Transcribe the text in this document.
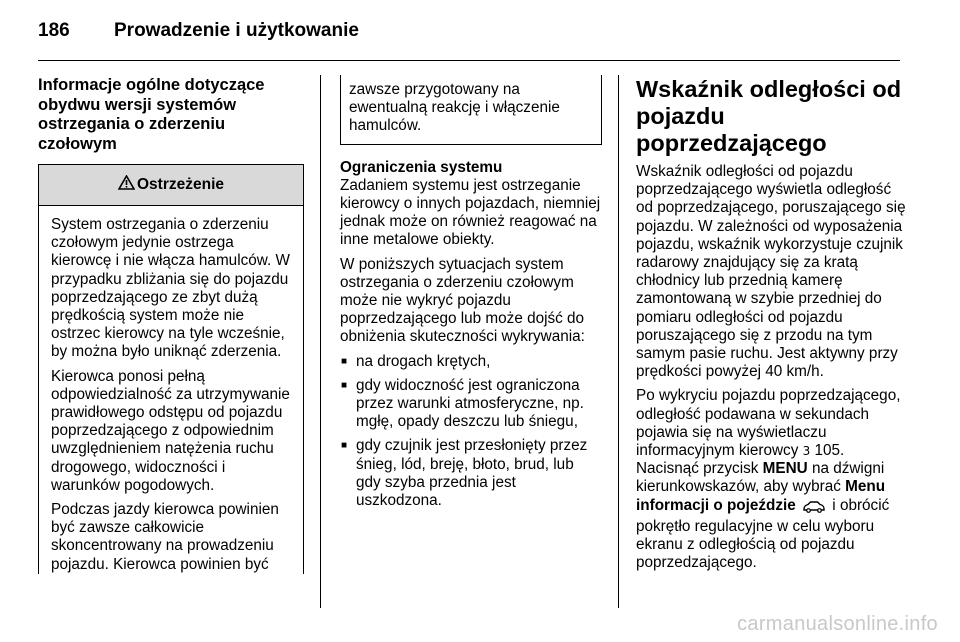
186 Prowadzenie i użytkowanie
Informacje ogólne dotyczące obydwu wersji systemów ostrzegania o zderzeniu czołowym
Ostrzeżenie

System ostrzegania o zderzeniu czołowym jedynie ostrzega kierowcę i nie włącza hamulców. W przypadku zbliżania się do pojazdu poprzedzającego ze zbyt dużą prędkością system może nie ostrzec kierowcy na tyle wcześnie, by można było uniknąć zderzenia.

Kierowca ponosi pełną odpowiedzialność za utrzymywanie prawidłowego odstępu od pojazdu poprzedzającego z odpowiednim uwzględnieniem natężenia ruchu drogowego, widoczności i warunków pogodowych.

Podczas jazdy kierowca powinien być zawsze całkowicie skoncentrowany na prowadzeniu pojazdu. Kierowca powinien być

zawsze przygotowany na ewentualną reakcję i włączenie hamulców.
Ograniczenia systemu

Zadaniem systemu jest ostrzeganie kierowcy o innych pojazdach, niemniej jednak może on również reagować na inne metalowe obiekty.

W poniższych sytuacjach system ostrzegania o zderzeniu czołowym może nie wykryć pojazdu poprzedzającego lub może dojść do obniżenia skuteczności wykrywania:

■ na drogach krętych,
■ gdy widoczność jest ograniczona przez warunki atmosferyczne, np. mgłę, opady deszczu lub śniegu,
■ gdy czujnik jest przesłonięty przez śnieg, lód, breję, błoto, brud, lub gdy szyba przednia jest uszkodzona.
Wskaźnik odległości od pojazdu poprzedzającego

Wskaźnik odległości od pojazdu poprzedzającego wyświetla odległość od poprzedzającego, poruszającego się pojazdu. W zależności od wyposażenia pojazdu, wskaźnik wykorzystuje czujnik radarowy znajdujący się za kratą chłodnicy lub przednią kamerę zamontowaną w szybie przedniej do pomiaru odległości od pojazdu poruszającego się z przodu na tym samym pasie ruchu. Jest aktywny przy prędkości powyżej 40 km/h.

Po wykryciu pojazdu poprzedzającego, odległość podawana w sekundach pojawia się na wyświetlaczu informacyjnym kierowcy 3 105. Nacisnąć przycisk MENU na dźwigni kierunkowskazów, aby wybrać Menu informacji o pojeździe i obrócić pokrętło regulacyjne w celu wyboru ekranu z odległością od pojazdu poprzedzającego.

carmanualsonline.info
